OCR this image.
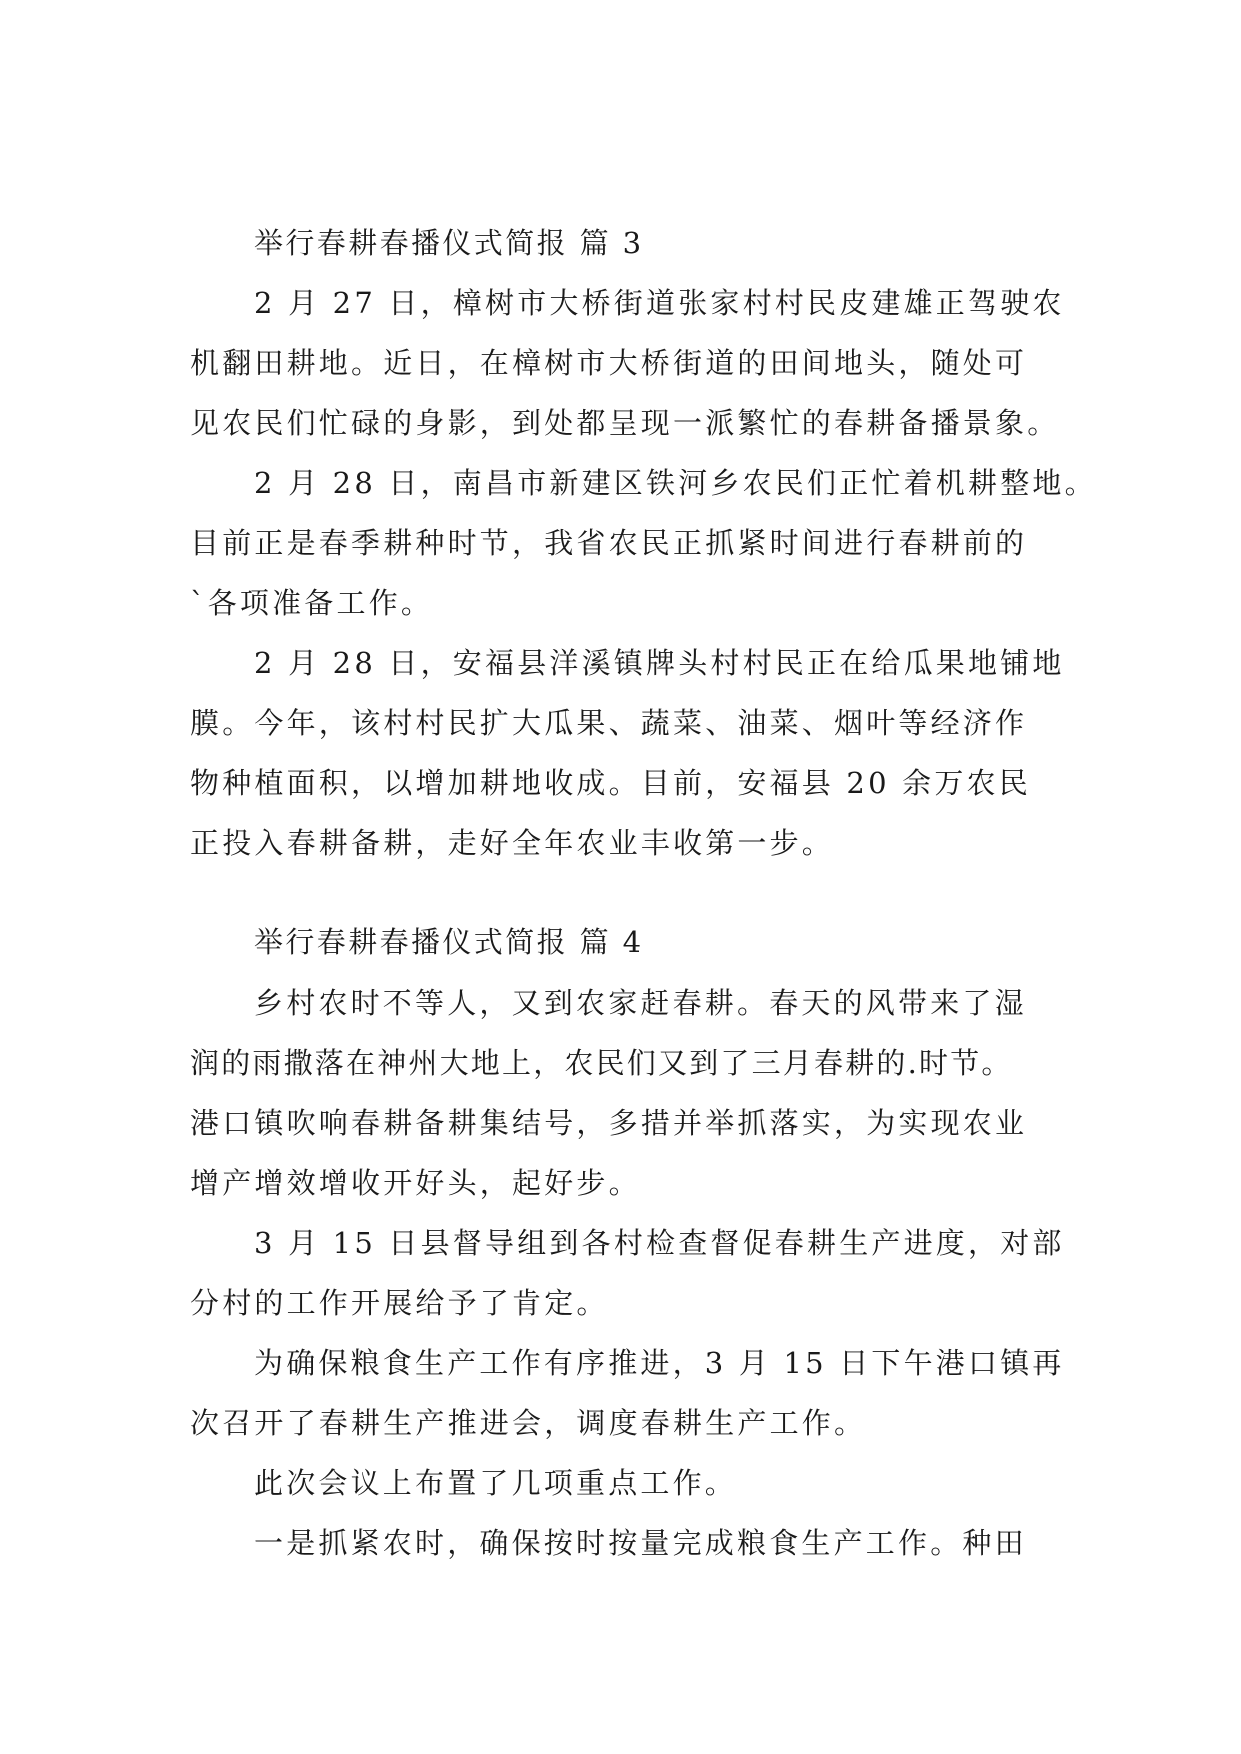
举行春耕春播仪式简报 篇 3
2 月 27 日，樟树市大桥街道张家村村民皮建雄正驾驶农
机翻田耕地。近日，在樟树市大桥街道的田间地头，随处可
见农民们忙碌的身影，到处都呈现一派繁忙的春耕备播景象。
2 月 28 日，南昌市新建区铁河乡农民们正忙着机耕整地。
目前正是春季耕种时节，我省农民正抓紧时间进行春耕前的
`各项准备工作。
2 月 28 日，安福县洋溪镇牌头村村民正在给瓜果地铺地
膜。今年，该村村民扩大瓜果、蔬菜、油菜、烟叶等经济作
物种植面积，以增加耕地收成。目前，安福县 20 余万农民
正投入春耕备耕，走好全年农业丰收第一步。
举行春耕春播仪式简报 篇 4
乡村农时不等人，又到农家赶春耕。春天的风带来了湿
润的雨撒落在神州大地上，农民们又到了三月春耕的.时节。
港口镇吹响春耕备耕集结号，多措并举抓落实，为实现农业
增产增效增收开好头，起好步。
3 月 15 日县督导组到各村检查督促春耕生产进度，对部
分村的工作开展给予了肯定。
为确保粮食生产工作有序推进，3 月 15 日下午港口镇再
次召开了春耕生产推进会，调度春耕生产工作。
此次会议上布置了几项重点工作。
一是抓紧农时，确保按时按量完成粮食生产工作。种田
